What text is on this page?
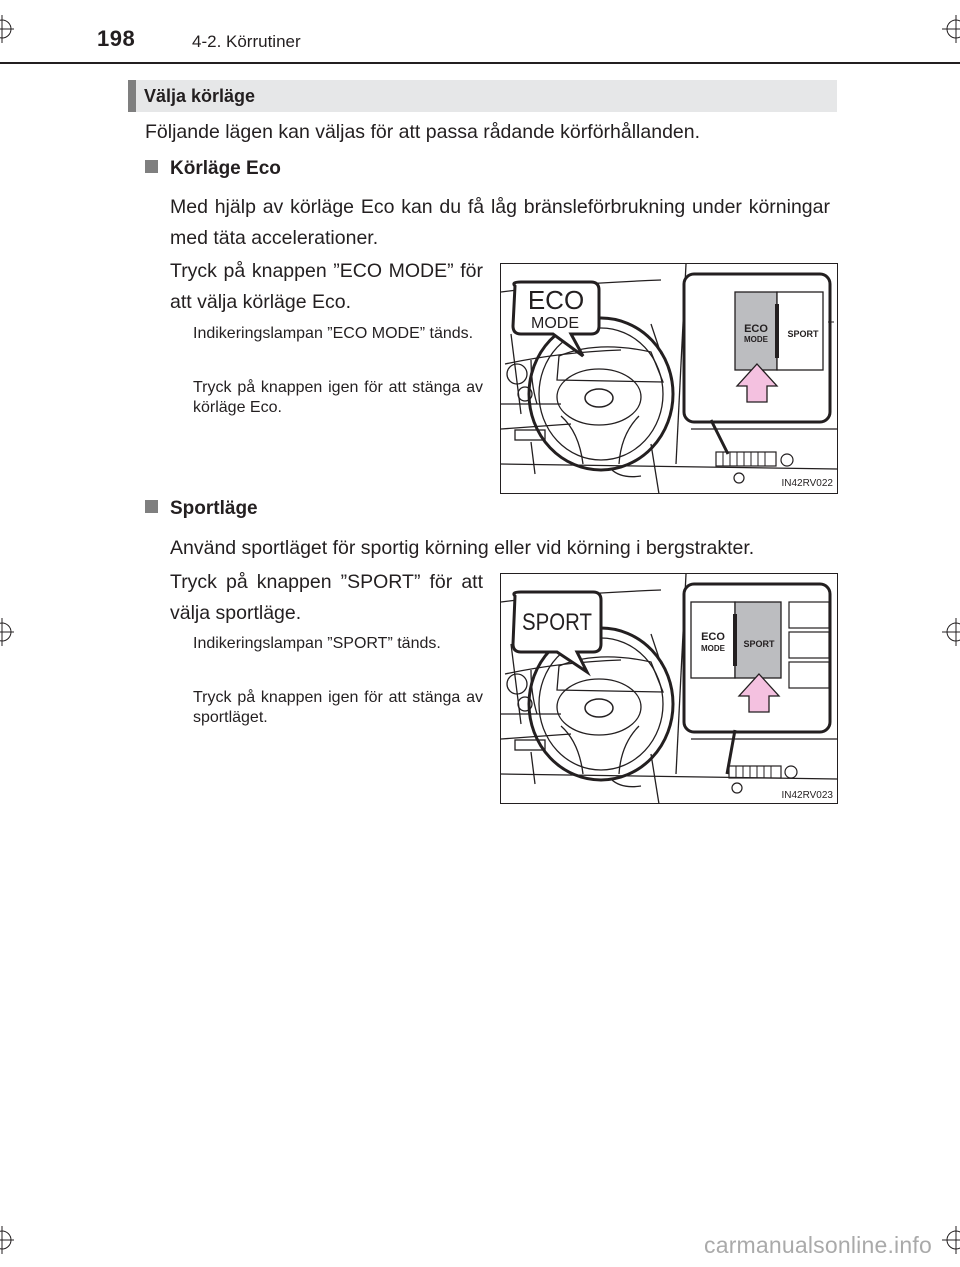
198	4-2. Körrutiner
Välja körläge
Följande lägen kan väljas för att passa rådande körförhållanden.
Körläge Eco
Med hjälp av körläge Eco kan du få låg bränsleförbrukning under körningar med täta accelerationer.
Tryck på knappen ”ECO MODE” för att välja körläge Eco.
Indikeringslampan ”ECO MODE” tänds.
Tryck på knappen igen för att stänga av körläge Eco.
ECO
MODE	ECO
MODE
SPORT
IN42RV022
Sportläge
Använd sportläget för sportig körning eller vid körning i bergstrakter.
Tryck på knappen ”SPORT” för att välja sportläge.
Indikeringslampan ”SPORT” tänds.
Tryck på knappen igen för att stänga av sportläget.
SPORT
ECO
MODE SPORT
IN42RV023
carmanualsonline.info
